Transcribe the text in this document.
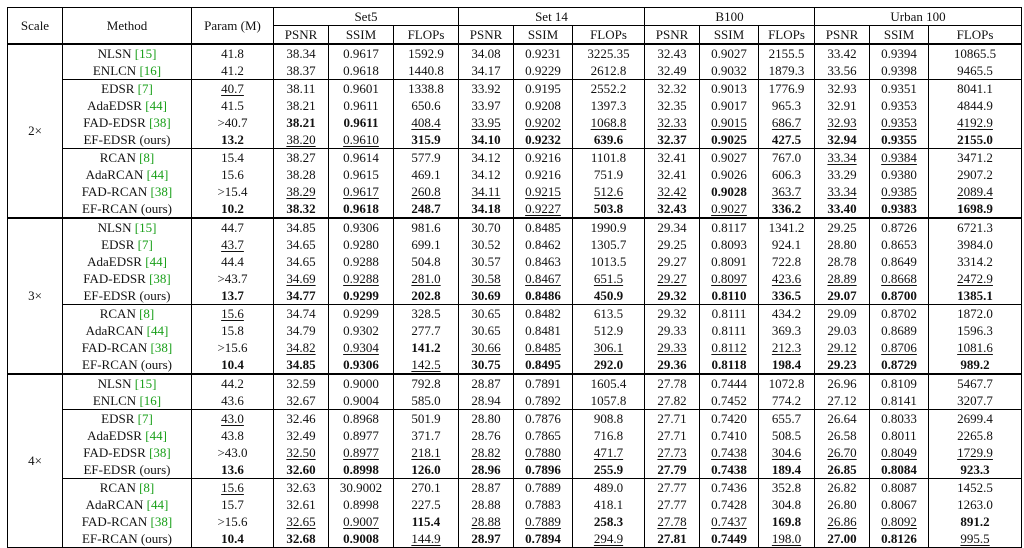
Scale	Method	Param (M)	Set5			Set 14			B100			Urban 100		
			PSNR	SSIM	FLOPs	PSNR	SSIM	FLOPs	PSNR	SSIM	FLOPs	PSNR	SSIM	FLOPs
2×	NLSN [15]	41.8	38.34	0.9617	1592.9	34.08	0.9231	3225.35	32.43	0.9027	2155.5	33.42	0.9394	10865.5
	ENLCN [16]	41.2	38.37	0.9618	1440.8	34.17	0.9229	2612.8	32.49	0.9032	1879.3	33.56	0.9398	9465.5
	EDSR [7]	40.7	38.11	0.9601	1338.8	33.92	0.9195	2552.2	32.32	0.9013	1776.9	32.93	0.9351	8041.1
	AdaEDSR [44]	41.5	38.21	0.9611	650.6	33.97	0.9208	1397.3	32.35	0.9017	965.3	32.91	0.9353	4844.9
	FAD-EDSR [38]	>40.7	38.21	0.9611	408.4	33.95	0.9202	1068.8	32.33	0.9015	686.7	32.93	0.9353	4192.9
	EF-EDSR (ours)	13.2	38.20	0.9610	315.9	34.10	0.9232	639.6	32.37	0.9025	427.5	32.94	0.9355	2155.0
	RCAN [8]	15.4	38.27	0.9614	577.9	34.12	0.9216	1101.8	32.41	0.9027	767.0	33.34	0.9384	3471.2
	AdaRCAN [44]	15.6	38.28	0.9615	469.1	34.12	0.9216	751.9	32.41	0.9026	606.3	33.29	0.9380	2907.2
	FAD-RCAN [38]	>15.4	38.29	0.9617	260.8	34.11	0.9215	512.6	32.42	0.9028	363.7	33.34	0.9385	2089.4
	EF-RCAN (ours)	10.2	38.32	0.9618	248.7	34.18	0.9227	503.8	32.43	0.9027	336.2	33.40	0.9383	1698.9
3×	NLSN [15]	44.7	34.85	0.9306	981.6	30.70	0.8485	1990.9	29.34	0.8117	1341.2	29.25	0.8726	6721.3
	EDSR [7]	43.7	34.65	0.9280	699.1	30.52	0.8462	1305.7	29.25	0.8093	924.1	28.80	0.8653	3984.0
	AdaEDSR [44]	44.4	34.65	0.9288	504.8	30.57	0.8463	1013.5	29.27	0.8091	722.8	28.78	0.8649	3314.2
	FAD-EDSR [38]	>43.7	34.69	0.9288	281.0	30.58	0.8467	651.5	29.27	0.8097	423.6	28.89	0.8668	2472.9
	EF-EDSR (ours)	13.7	34.77	0.9299	202.8	30.69	0.8486	450.9	29.32	0.8110	336.5	29.07	0.8700	1385.1
	RCAN [8]	15.6	34.74	0.9299	328.5	30.65	0.8482	613.5	29.32	0.8111	434.2	29.09	0.8702	1872.0
	AdaRCAN [44]	15.8	34.79	0.9302	277.7	30.65	0.8481	512.9	29.33	0.8111	369.3	29.03	0.8689	1596.3
	FAD-RCAN [38]	>15.6	34.82	0.9304	141.2	30.66	0.8485	306.1	29.33	0.8112	212.3	29.12	0.8706	1081.6
	EF-RCAN (ours)	10.4	34.85	0.9306	142.5	30.75	0.8495	292.0	29.36	0.8118	198.4	29.23	0.8729	989.2
4×	NLSN [15]	44.2	32.59	0.9000	792.8	28.87	0.7891	1605.4	27.78	0.7444	1072.8	26.96	0.8109	5467.7
	ENLCN [16]	43.6	32.67	0.9004	585.0	28.94	0.7892	1057.8	27.82	0.7452	774.2	27.12	0.8141	3207.7
	EDSR [7]	43.0	32.46	0.8968	501.9	28.80	0.7876	908.8	27.71	0.7420	655.7	26.64	0.8033	2699.4
	AdaEDSR [44]	43.8	32.49	0.8977	371.7	28.76	0.7865	716.8	27.71	0.7410	508.5	26.58	0.8011	2265.8
	FAD-EDSR [38]	>43.0	32.50	0.8977	218.1	28.82	0.7880	471.7	27.73	0.7438	304.6	26.70	0.8049	1729.9
	EF-EDSR (ours)	13.6	32.60	0.8998	126.0	28.96	0.7896	255.9	27.79	0.7438	189.4	26.85	0.8084	923.3
	RCAN [8]	15.6	32.63	30.9002	270.1	28.87	0.7889	489.0	27.77	0.7436	352.8	26.82	0.8087	1452.5
	AdaRCAN [44]	15.7	32.61	0.8998	227.5	28.88	0.7883	418.1	27.77	0.7428	304.8	26.80	0.8067	1263.0
	FAD-RCAN [38]	>15.6	32.65	0.9007	115.4	28.88	0.7889	258.3	27.78	0.7437	169.8	26.86	0.8092	891.2
	EF-RCAN (ours)	10.4	32.68	0.9008	144.9	28.97	0.7894	294.9	27.81	0.7449	198.0	27.00	0.8126	995.5
